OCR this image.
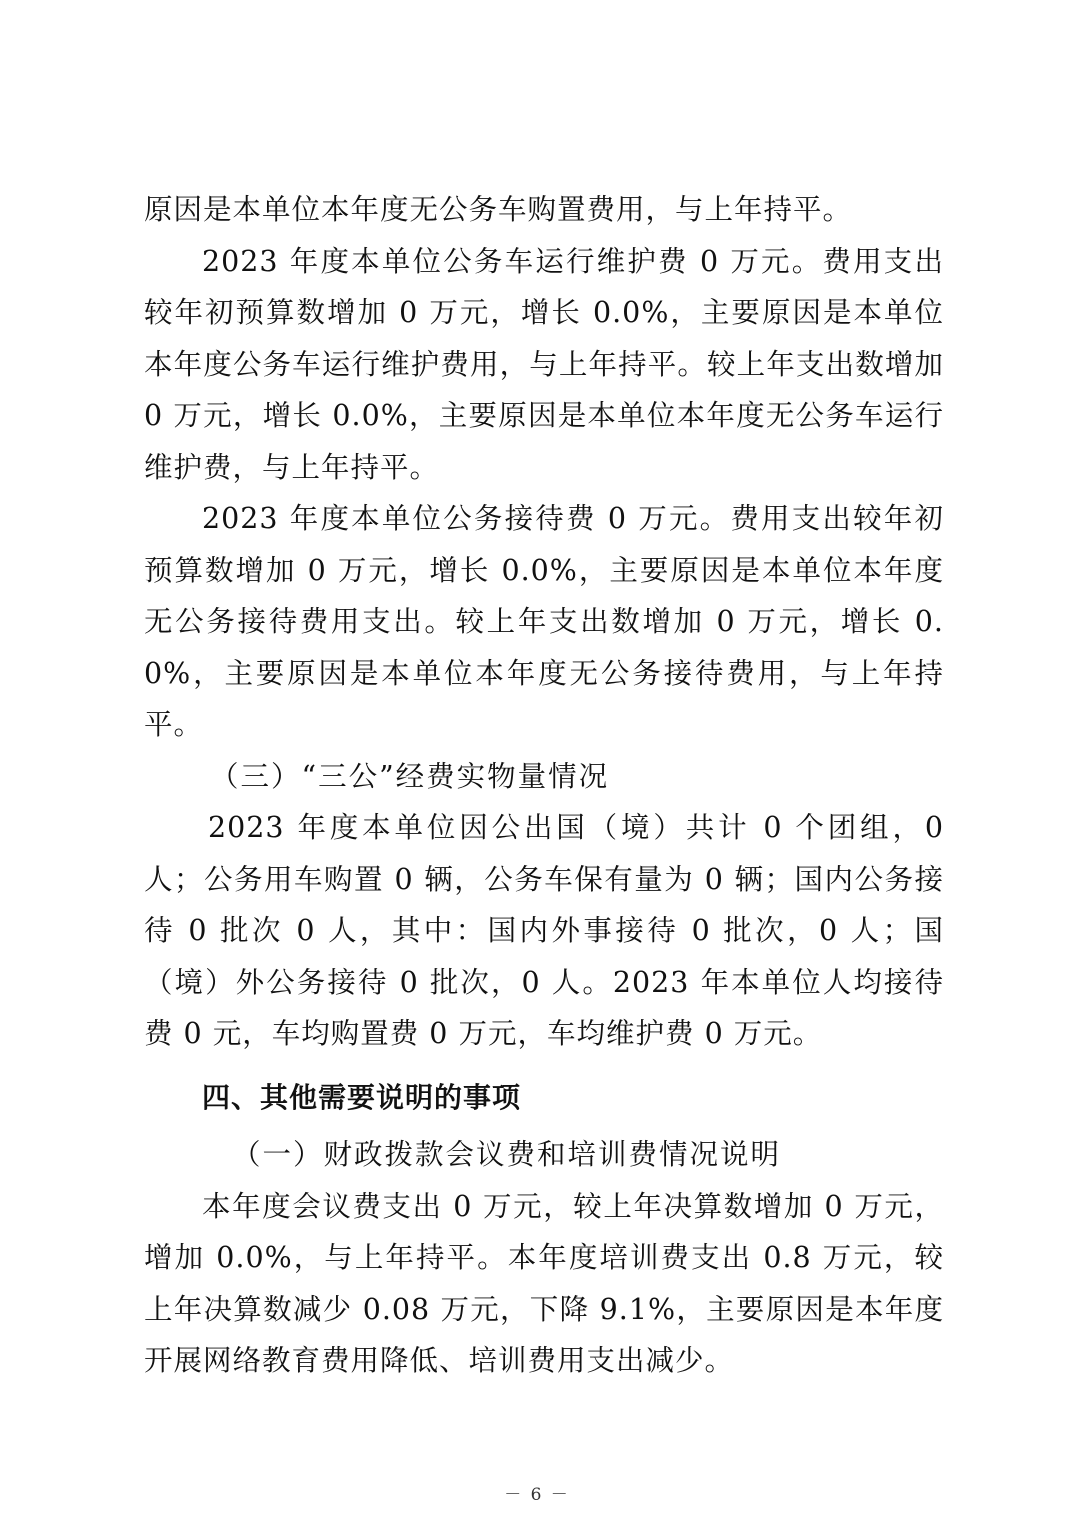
原因是本单位本年度无公务车购置费用，与上年持平。

2023 年度本单位公务车运行维护费 0 万元。费用支出较年初预算数增加 0 万元，增长 0.0%，主要原因是本单位本年度公务车运行维护费用，与上年持平。较上年支出数增加 0 万元，增长 0.0%，主要原因是本单位本年度无公务车运行维护费，与上年持平。

2023 年度本单位公务接待费 0 万元。费用支出较年初预算数增加 0 万元，增长 0.0%，主要原因是本单位本年度无公务接待费用支出。较上年支出数增加 0 万元，增长 0.0%，主要原因是本单位本年度无公务接待费用，与上年持平。

（三）“三公”经费实物量情况

2023 年度本单位因公出国（境）共计 0 个团组，0 人；公务用车购置 0 辆，公务车保有量为 0 辆；国内公务接待 0 批次 0 人，其中：国内外事接待 0 批次，0 人；国（境）外公务接待 0 批次，0 人。2023 年本单位人均接待费 0 元，车均购置费 0 万元，车均维护费 0 万元。

四、其他需要说明的事项

（一）财政拨款会议费和培训费情况说明

本年度会议费支出 0 万元，较上年决算数增加 0 万元，增加 0.0%，与上年持平。本年度培训费支出 0.8 万元，较上年决算数减少 0.08 万元，下降 9.1%，主要原因是本年度开展网络教育费用降低、培训费用支出减少。

－ 6 －
